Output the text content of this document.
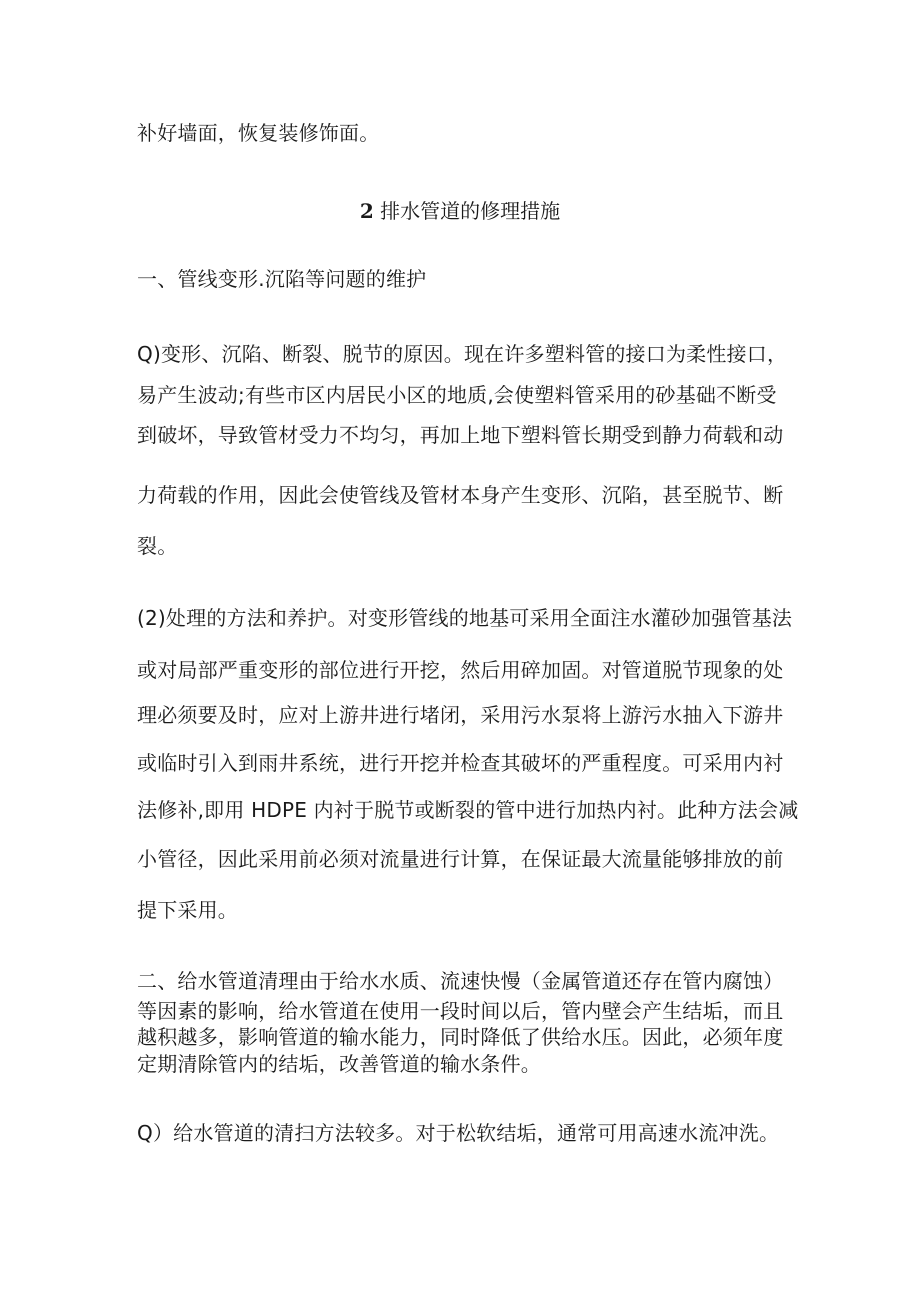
补好墙面，恢复装修饰面。
2 排水管道的修理措施
一、管线变形.沉陷等问题的维护
Q)变形、沉陷、断裂、脱节的原因。现在许多塑料管的接口为柔性接口，
易产生波动;有些市区内居民小区的地质,会使塑料管采用的砂基础不断受
到破坏，导致管材受力不均匀，再加上地下塑料管长期受到静力荷载和动
力荷载的作用，因此会使管线及管材本身产生变形、沉陷，甚至脱节、断
裂。
(2)处理的方法和养护。对变形管线的地基可采用全面注水灌砂加强管基法
或对局部严重变形的部位进行开挖，然后用碎加固。对管道脱节现象的处
理必须要及时，应对上游井进行堵闭，采用污水泵将上游污水抽入下游井
或临时引入到雨井系统，进行开挖并检查其破坏的严重程度。可采用内衬
法修补,即用 HDPE 内衬于脱节或断裂的管中进行加热内衬。此种方法会减
小管径，因此采用前必须对流量进行计算，在保证最大流量能够排放的前
提下采用。
二、给水管道清理由于给水水质、流速快慢（金属管道还存在管内腐蚀）
等因素的影响，给水管道在使用一段时间以后，管内壁会产生结垢，而且
越积越多，影响管道的输水能力，同时降低了供给水压。因此，必须年度
定期清除管内的结垢，改善管道的输水条件。
Q）给水管道的清扫方法较多。对于松软结垢，通常可用高速水流冲洗。
